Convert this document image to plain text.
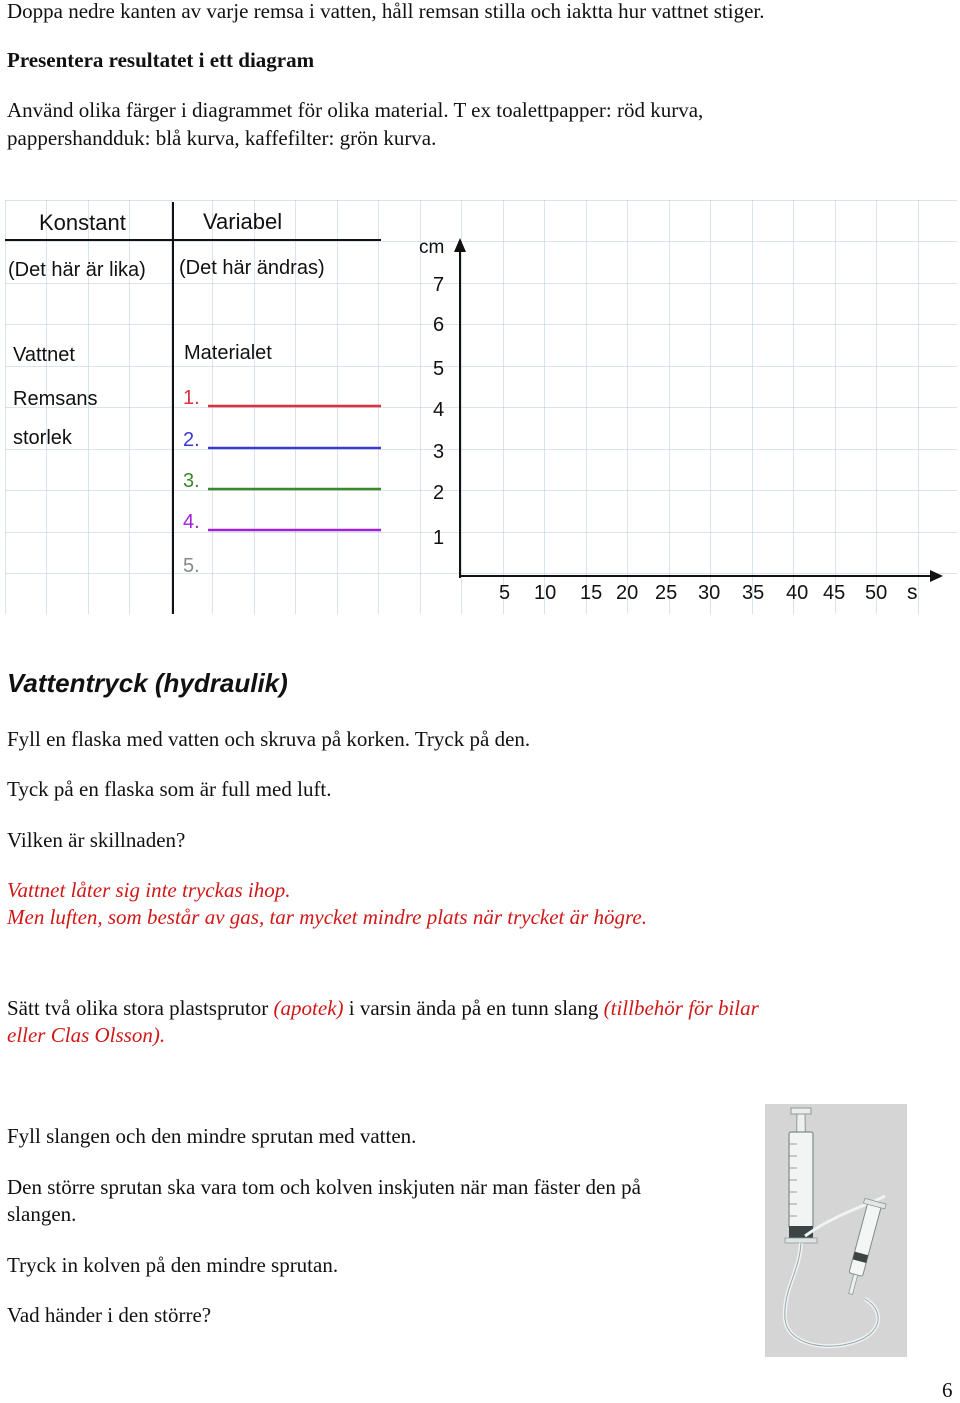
Doppa nedre kanten av varje remsa i vatten, håll remsan stilla och iaktta hur vattnet stiger.

Presentera resultatet i ett diagram

Använd olika färger i diagrammet för olika material. T ex toalettpapper: röd kurva,

pappershandduk: blå kurva, kaffefilter: grön kurva.

Konstant	Variabel
(Det här är lika) (Det här ändras)
Vattnet
Remsans
storlek
Materialet
1.
2.
3.
4.
5.
cm
7
6
5
4
3
2
1
5 10 15 20 25 30 35 40 45 50 s
Vattentryck (hydraulik)

Fyll en flaska med vatten och skruva på korken. Tryck på den.

Tyck på en flaska som är full med luft.

Vilken är skillnaden?

Vattnet låter sig inte tryckas ihop.

Men luften, som består av gas, tar mycket mindre plats när trycket är högre.

Sätt två olika stora plastsprutor (apotek) i varsin ända på en tunn slang (tillbehör för bilar

eller Clas Olsson).

Fyll slangen och den mindre sprutan med vatten.

Den större sprutan ska vara tom och kolven inskjuten när man fäster den på

slangen.

Tryck in kolven på den mindre sprutan.

Vad händer i den större?

6
